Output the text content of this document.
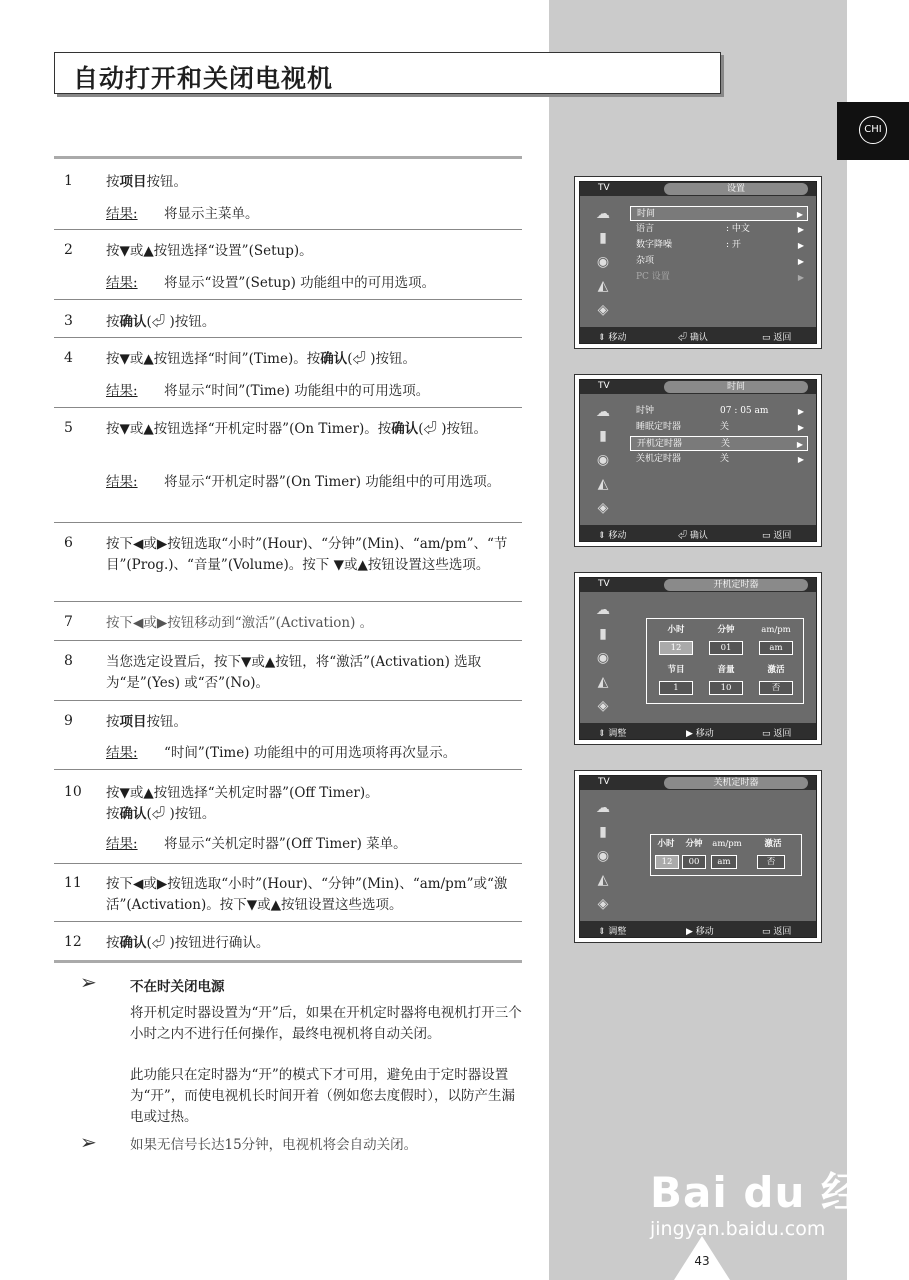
自动打开和关闭电视机
CHI
1 按项目按钮。
结果: 将显示主菜单。
2 按▼或▲按钮选择“设置”(Setup)。
结果: 将显示“设置”(Setup) 功能组中的可用选项。
3 按确认(⏎ )按钮。
4 按▼或▲按钮选择“时间”(Time)。按确认(⏎ )按钮。
结果: 将显示“时间”(Time) 功能组中的可用选项。
5 按▼或▲按钮选择“开机定时器”(On Timer)。按确认(⏎ )按钮。
结果: 将显示“开机定时器”(On Timer) 功能组中的可用选项。
6 按下◀或▶按钮选取“小时”(Hour)、“分钟”(Min)、“am/pm”、“节目”(Prog.)、“音量”(Volume)。按下 ▼或▲按钮设置这些选项。
7 按下◀或▶按钮移动到“激活”(Activation) 。
8 当您选定设置后，按下▼或▲按钮，将“激活”(Activation) 选取为“是”(Yes) 或“否”(No)。
9 按项目按钮。
结果: “时间”(Time) 功能组中的可用选项将再次显示。
10 按▼或▲按钮选择“关机定时器”(Off Timer)。
按确认(⏎ )按钮。
结果: 将显示“关机定时器”(Off Timer) 菜单。
11 按下◀或▶按钮选取“小时”(Hour)、“分钟”(Min)、“am/pm”或“激活”(Activation)。按下▼或▲按钮设置这些选项。
12 按确认(⏎ )按钮进行确认。
➢ 不在时关闭电源
将开机定时器设置为“开”后，如果在开机定时器将电视机打开三个小时之内不进行任何操作，最终电视机将自动关闭。
此功能只在定时器为“开”的模式下才可用，避免由于定时器设置为“开”，而使电视机长时间开着（例如您去度假时），以防产生漏电或过热。
➢ 如果无信号长达15分钟，电视机将会自动关闭。
TV	设置
☁
▮
◉
◭
◈
时间	▶
语言	: 中文	▶
数字降噪	: 开	▶
杂项	▶
PC 设置	▶
⇕ 移动	⏎ 确认	▭ 返回
TV	时间
☁
▮
◉
◭
◈
时钟	07 : 05 am	▶
睡眠定时器	关	▶
开机定时器	关	▶
关机定时器	关	▶
⇕ 移动	⏎ 确认	▭ 返回
TV	开机定时器
☁
▮
◉
◭
◈
小时	分钟	am/pm
12	01	am
节目	音量	激活
1	10	否
⇕ 调整	▶ 移动	▭ 返回
TV	关机定时器
☁
▮
◉
◭
◈
小时	分钟	am/pm	激活
12	00	am	否
⇕ 调整	▶ 移动	▭ 返回
Bai du 经验
jingyan.baidu.com
43
